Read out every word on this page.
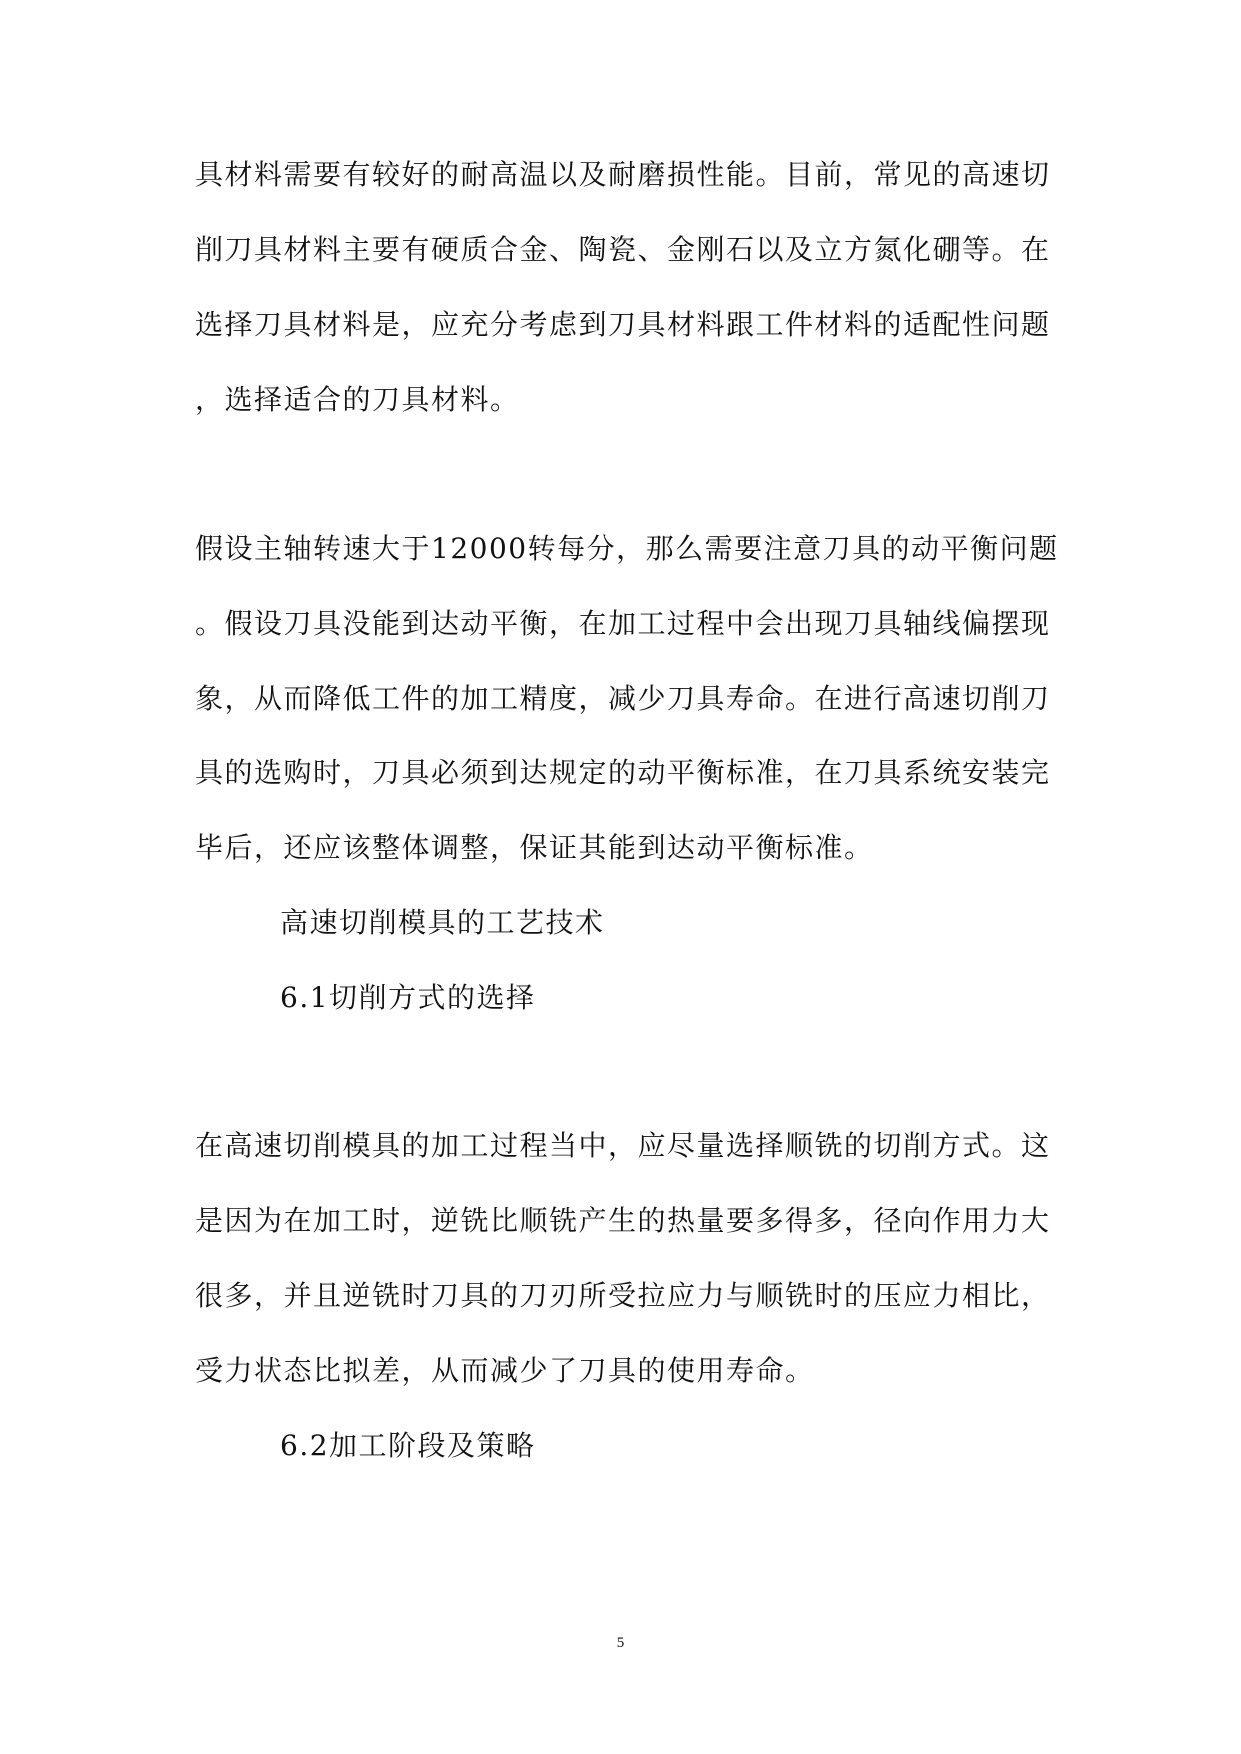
具材料需要有较好的耐高温以及耐磨损性能。目前，常见的高速切
削刀具材料主要有硬质合金、陶瓷、金刚石以及立方氮化硼等。在
选择刀具材料是，应充分考虑到刀具材料跟工件材料的适配性问题
，选择适合的刀具材料。
假设主轴转速大于12000转每分，那么需要注意刀具的动平衡问题
。假设刀具没能到达动平衡，在加工过程中会出现刀具轴线偏摆现
象，从而降低工件的加工精度，减少刀具寿命。在进行高速切削刀
具的选购时，刀具必须到达规定的动平衡标准，在刀具系统安装完
毕后，还应该整体调整，保证其能到达动平衡标准。
高速切削模具的工艺技术
6.1切削方式的选择
在高速切削模具的加工过程当中，应尽量选择顺铣的切削方式。这
是因为在加工时，逆铣比顺铣产生的热量要多得多，径向作用力大
很多，并且逆铣时刀具的刀刃所受拉应力与顺铣时的压应力相比，
受力状态比拟差，从而减少了刀具的使用寿命。
6.2加工阶段及策略
5
